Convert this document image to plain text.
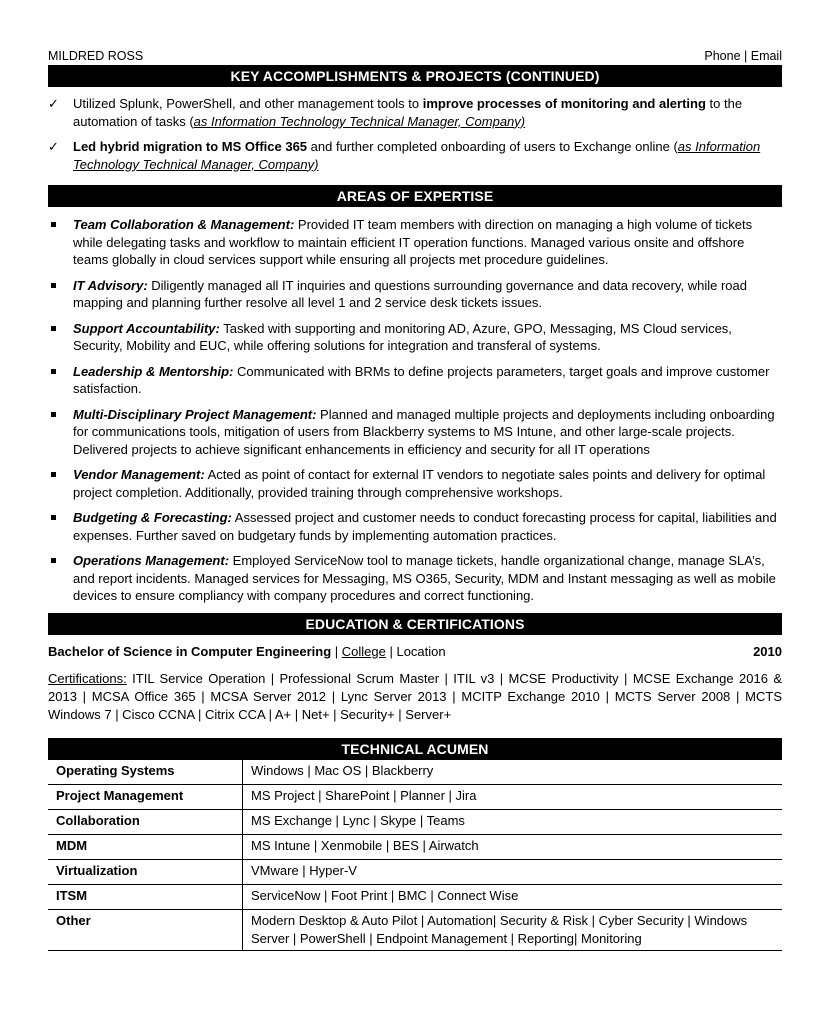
MILDRED ROSS	Phone | Email
KEY ACCOMPLISHMENTS & PROJECTS (CONTINUED)
✓ Utilized Splunk, PowerShell, and other management tools to improve processes of monitoring and alerting to the automation of tasks (as Information Technology Technical Manager, Company)
✓ Led hybrid migration to MS Office 365 and further completed onboarding of users to Exchange online (as Information Technology Technical Manager, Company)
AREAS OF EXPERTISE
Team Collaboration & Management: Provided IT team members with direction on managing a high volume of tickets while delegating tasks and workflow to maintain efficient IT operation functions. Managed various onsite and offshore teams globally in cloud services support while ensuring all projects met procedure guidelines.
IT Advisory: Diligently managed all IT inquiries and questions surrounding governance and data recovery, while road mapping and planning further resolve all level 1 and 2 service desk tickets issues.
Support Accountability: Tasked with supporting and monitoring AD, Azure, GPO, Messaging, MS Cloud services, Security, Mobility and EUC, while offering solutions for integration and transferal of systems.
Leadership & Mentorship: Communicated with BRMs to define projects parameters, target goals and improve customer satisfaction.
Multi-Disciplinary Project Management: Planned and managed multiple projects and deployments including onboarding for communications tools, mitigation of users from Blackberry systems to MS Intune, and other large-scale projects. Delivered projects to achieve significant enhancements in efficiency and security for all IT operations
Vendor Management: Acted as point of contact for external IT vendors to negotiate sales points and delivery for optimal project completion. Additionally, provided training through comprehensive workshops.
Budgeting & Forecasting: Assessed project and customer needs to conduct forecasting process for capital, liabilities and expenses. Further saved on budgetary funds by implementing automation practices.
Operations Management: Employed ServiceNow tool to manage tickets, handle organizational change, manage SLA’s, and report incidents. Managed services for Messaging, MS O365, Security, MDM and Instant messaging as well as mobile devices to ensure compliancy with company procedures and correct functioning.
EDUCATION & CERTIFICATIONS
Bachelor of Science in Computer Engineering | College | Location	2010
Certifications: ITIL Service Operation | Professional Scrum Master | ITIL v3 | MCSE Productivity | MCSE Exchange 2016 & 2013 | MCSA Office 365 | MCSA Server 2012 | Lync Server 2013 | MCITP Exchange 2010 | MCTS Server 2008 | MCTS Windows 7 | Cisco CCNA | Citrix CCA | A+ | Net+ | Security+ | Server+
TECHNICAL ACUMEN
Operating Systems	Windows | Mac OS | Blackberry
Project Management	MS Project | SharePoint | Planner | Jira
Collaboration	MS Exchange | Lync | Skype | Teams
MDM	MS Intune | Xenmobile | BES | Airwatch
Virtualization	VMware | Hyper-V
ITSM	ServiceNow | Foot Print | BMC | Connect Wise
Other	Modern Desktop & Auto Pilot | Automation| Security & Risk | Cyber Security | Windows Server | PowerShell | Endpoint Management | Reporting| Monitoring
